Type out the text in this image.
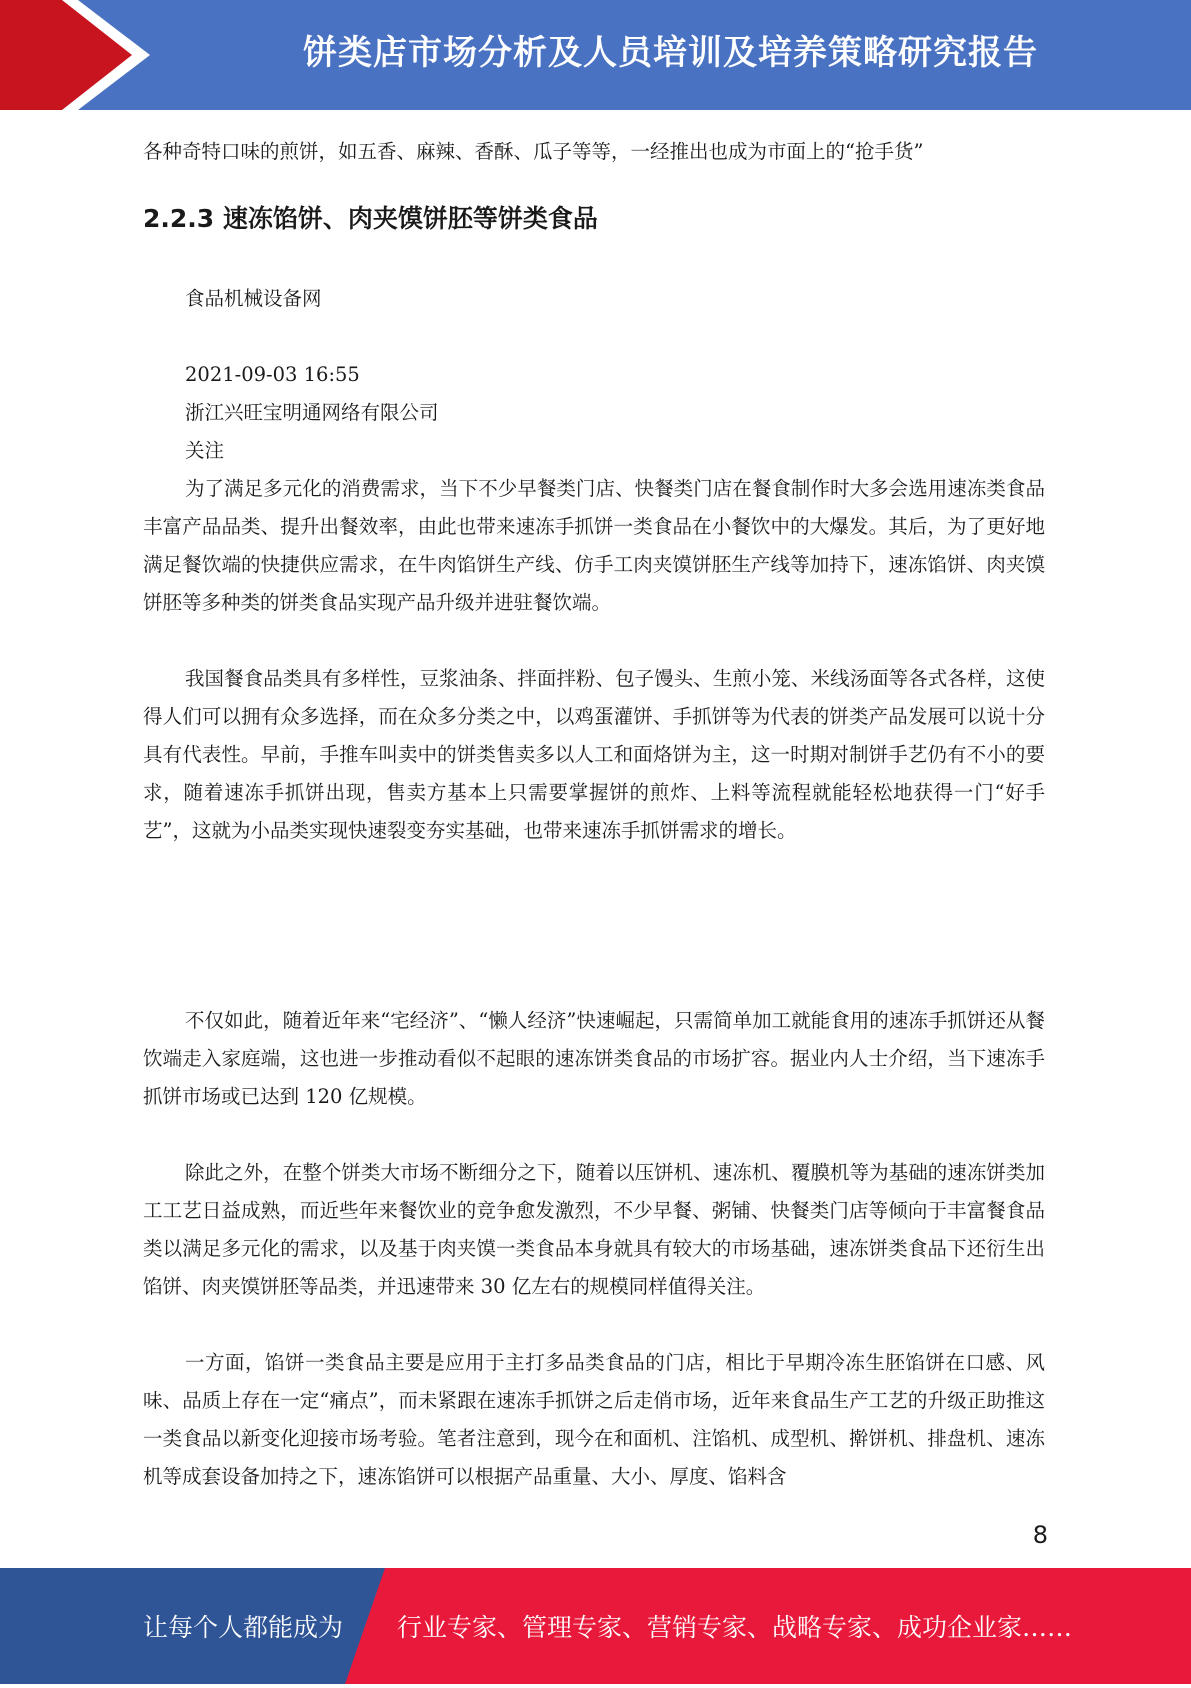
饼类店市场分析及人员培训及培养策略研究报告
各种奇特口味的煎饼，如五香、麻辣、香酥、瓜子等等，一经推出也成为市面上的“抢手货”
2.2.3 速冻馅饼、肉夹馍饼胚等饼类食品
食品机械设备网
2021-09-03 16:55
浙江兴旺宝明通网络有限公司
关注
为了满足多元化的消费需求，当下不少早餐类门店、快餐类门店在餐食制作时大多会选用速冻类食品丰富产品品类、提升出餐效率，由此也带来速冻手抓饼一类食品在小餐饮中的大爆发。其后，为了更好地满足餐饮端的快捷供应需求，在牛肉馅饼生产线、仿手工肉夹馍饼胚生产线等加持下，速冻馅饼、肉夹馍饼胚等多种类的饼类食品实现产品升级并进驻餐饮端。
我国餐食品类具有多样性，豆浆油条、拌面拌粉、包子馒头、生煎小笼、米线汤面等各式各样，这使得人们可以拥有众多选择，而在众多分类之中，以鸡蛋灌饼、手抓饼等为代表的饼类产品发展可以说十分具有代表性。早前，手推车叫卖中的饼类售卖多以人工和面烙饼为主，这一时期对制饼手艺仍有不小的要求，随着速冻手抓饼出现，售卖方基本上只需要掌握饼的煎炸、上料等流程就能轻松地获得一门“好手艺”，这就为小品类实现快速裂变夯实基础，也带来速冻手抓饼需求的增长。
不仅如此，随着近年来“宅经济”、“懒人经济”快速崛起，只需简单加工就能食用的速冻手抓饼还从餐饮端走入家庭端，这也进一步推动看似不起眼的速冻饼类食品的市场扩容。据业内人士介绍，当下速冻手抓饼市场或已达到 120 亿规模。
除此之外，在整个饼类大市场不断细分之下，随着以压饼机、速冻机、覆膜机等为基础的速冻饼类加工工艺日益成熟，而近些年来餐饮业的竞争愈发激烈，不少早餐、粥铺、快餐类门店等倾向于丰富餐食品类以满足多元化的需求，以及基于肉夹馍一类食品本身就具有较大的市场基础，速冻饼类食品下还衍生出馅饼、肉夹馍饼胚等品类，并迅速带来 30 亿左右的规模同样值得关注。
一方面，馅饼一类食品主要是应用于主打多品类食品的门店，相比于早期冷冻生胚馅饼在口感、风味、品质上存在一定“痛点”，而未紧跟在速冻手抓饼之后走俏市场，近年来食品生产工艺的升级正助推这一类食品以新变化迎接市场考验。笔者注意到，现今在和面机、注馅机、成型机、擀饼机、排盘机、速冻机等成套设备加持之下，速冻馅饼可以根据产品重量、大小、厚度、馅料含
8
让每个人都能成为 行业专家、管理专家、营销专家、战略专家、成功企业家……
